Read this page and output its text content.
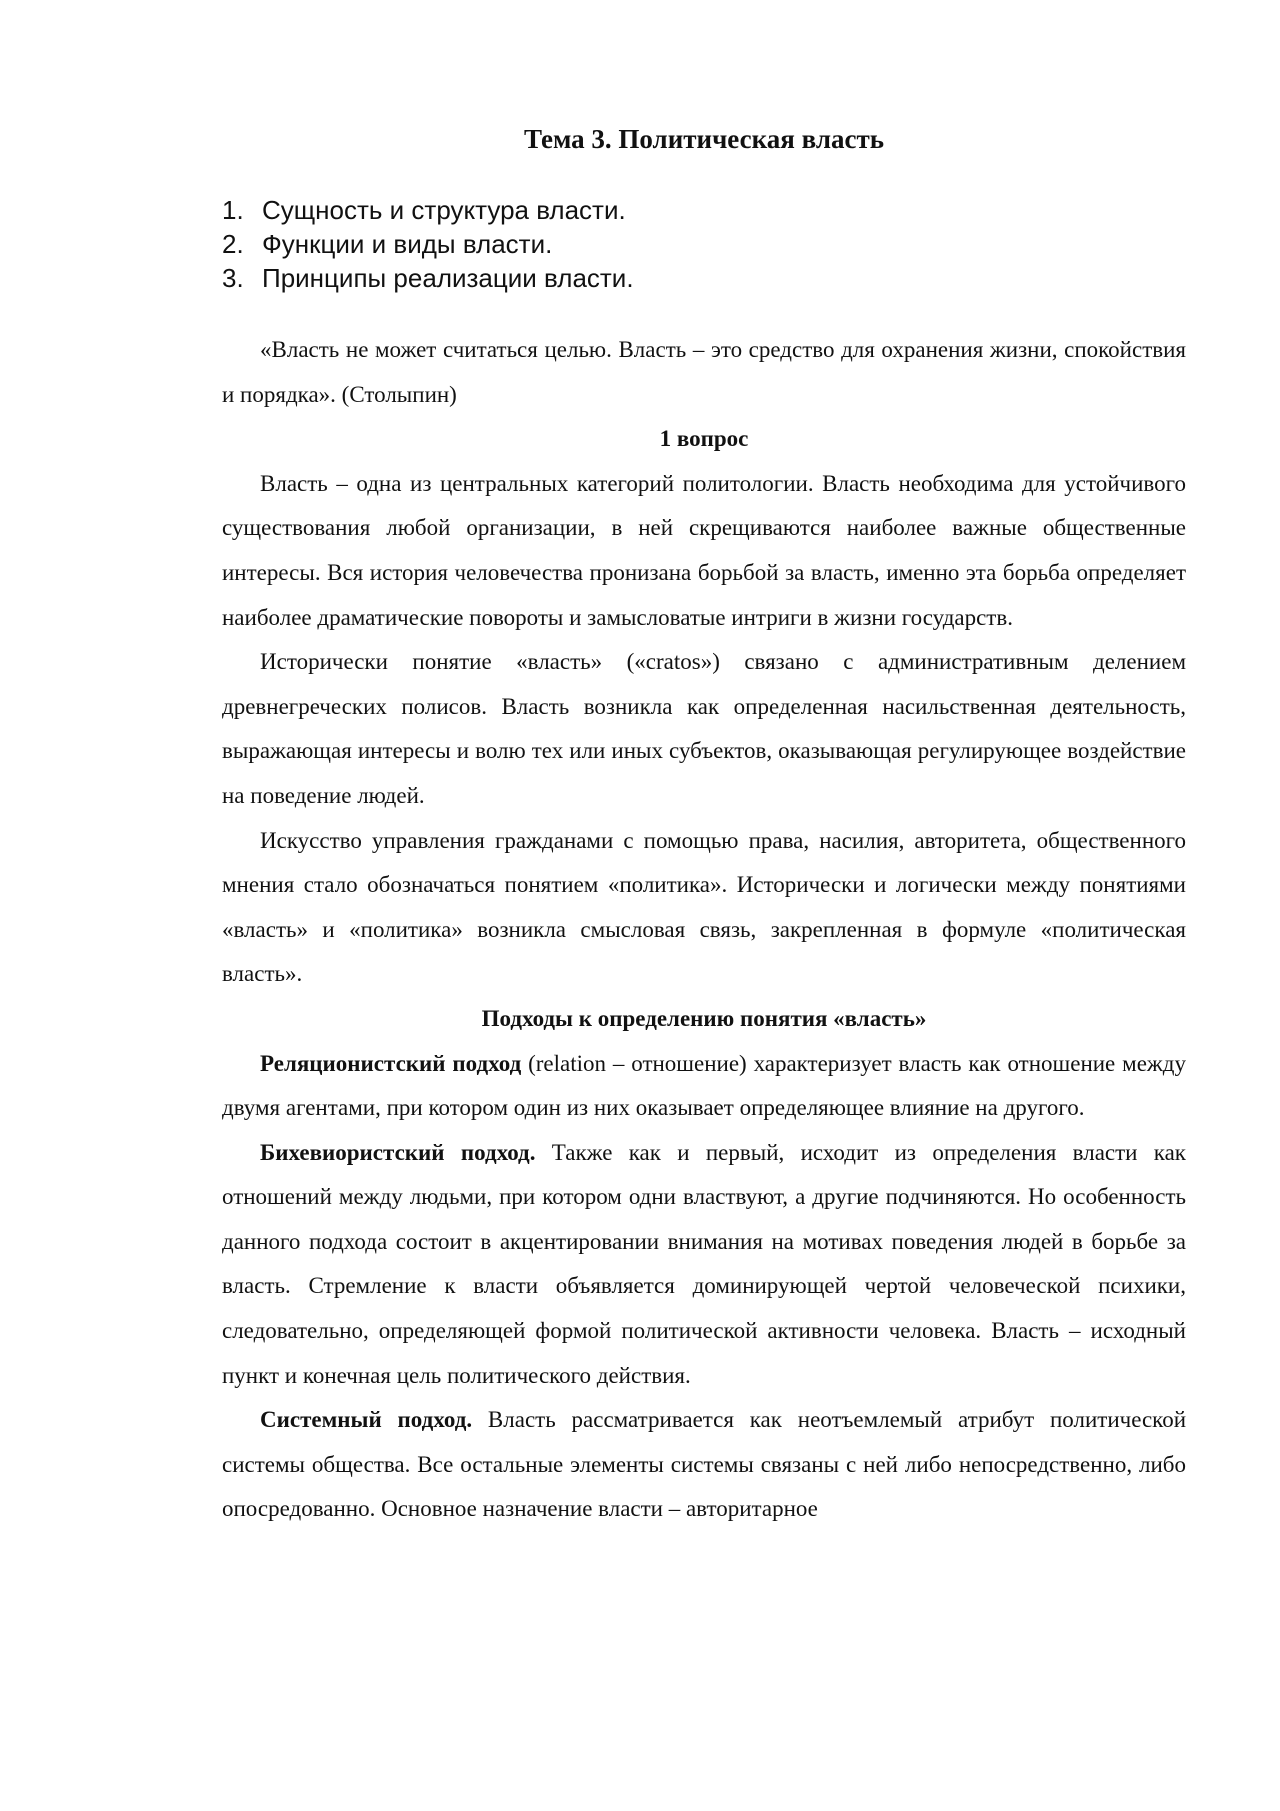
Тема 3. Политическая власть
1. Сущность и структура власти.
2. Функции и виды власти.
3. Принципы реализации власти.

«Власть не может считаться целью. Власть – это средство для охранения жизни, спокойствия и порядка». (Столыпин)

1 вопрос

Власть – одна из центральных категорий политологии. Власть необходима для устойчивого существования любой организации, в ней скрещиваются наиболее важные общественные интересы. Вся история человечества пронизана борьбой за власть, именно эта борьба определяет наиболее драматические повороты и замысловатые интриги в жизни государств.

Исторически понятие «власть» («cratos») связано с административным делением древнегреческих полисов. Власть возникла как определенная насильственная деятельность, выражающая интересы и волю тех или иных субъектов, оказывающая регулирующее воздействие на поведение людей.

Искусство управления гражданами с помощью права, насилия, авторитета, общественного мнения стало обозначаться понятием «политика». Исторически и логически между понятиями «власть» и «политика» возникла смысловая связь, закрепленная в формуле «политическая власть».

Подходы к определению понятия «власть»

Реляционистский подход (relation – отношение) характеризует власть как отношение между двумя агентами, при котором один из них оказывает определяющее влияние на другого.

Бихевиористский подход. Также как и первый, исходит из определения власти как отношений между людьми, при котором одни властвуют, а другие подчиняются. Но особенность данного подхода состоит в акцентировании внимания на мотивах поведения людей в борьбе за власть. Стремление к власти объявляется доминирующей чертой человеческой психики, следовательно, определяющей формой политической активности человека. Власть – исходный пункт и конечная цель политического действия.

Системный подход. Власть рассматривается как неотъемлемый атрибут политической системы общества. Все остальные элементы системы связаны с ней либо непосредственно, либо опосредованно. Основное назначение власти – авторитарное
